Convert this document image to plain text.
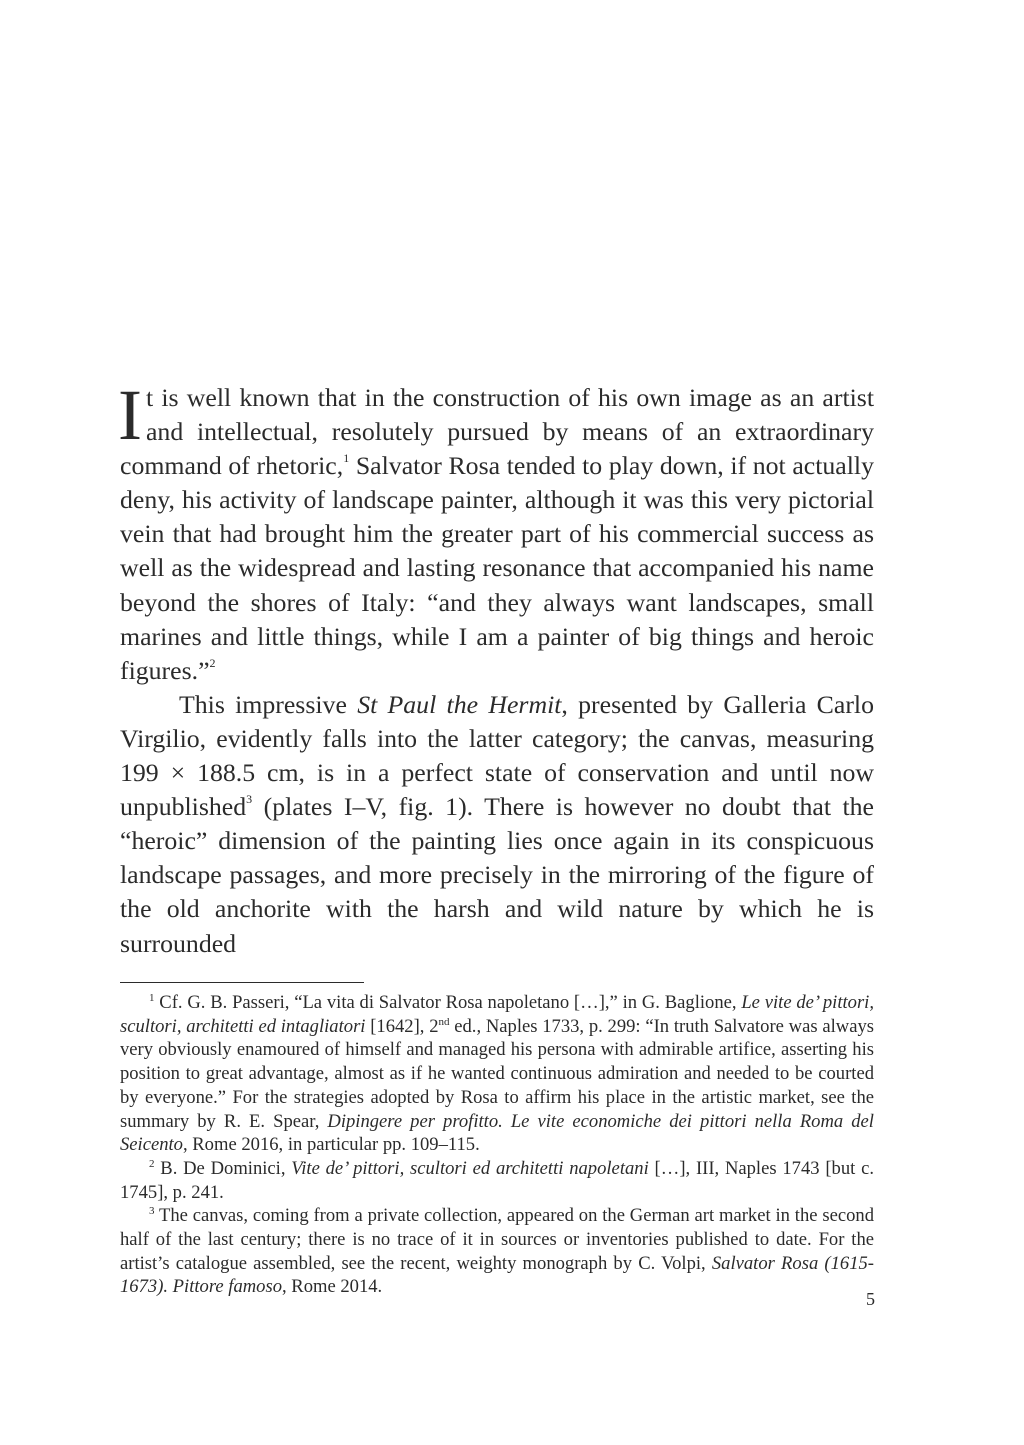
It is well known that in the construction of his own image as an artist and intellectual, resolutely pursued by means of an extraordinary command of rhetoric,$^1$ Salvator Rosa tended to play down, if not actually deny, his activity of landscape painter, although it was this very pictorial vein that had brought him the greater part of his commercial success as well as the widespread and lasting resonance that accompanied his name beyond the shores of Italy: “and they always want landscapes, small marines and little things, while I am a painter of big things and heroic figures.”$^2$

This impressive St Paul the Hermit, presented by Galleria Carlo Virgilio, evidently falls into the latter category; the canvas, measuring 199 × 188.5 cm, is in a perfect state of conservation and until now unpublished$^3$ (plates I–V, fig. 1). There is however no doubt that the “heroic” dimension of the painting lies once again in its conspicuous landscape passages, and more precisely in the mirroring of the figure of the old anchorite with the harsh and wild nature by which he is surrounded

$^1$ Cf. G. B. Passeri, “La vita di Salvator Rosa napoletano […],” in G. Baglione, Le vite de’ pittori, scultori, architetti ed intagliatori [1642], 2nd ed., Naples 1733, p. 299: “In truth Salvatore was always very obviously enamoured of himself and managed his persona with admirable artifice, asserting his position to great advantage, almost as if he wanted continuous admiration and needed to be courted by everyone.” For the strategies adopted by Rosa to affirm his place in the artistic market, see the summary by R. E. Spear, Dipingere per profitto. Le vite economiche dei pittori nella Roma del Seicento, Rome 2016, in particular pp. 109–115.

$^2$ B. De Dominici, Vite de’ pittori, scultori ed architetti napoletani […], III, Naples 1743 [but c. 1745], p. 241.

$^3$ The canvas, coming from a private collection, appeared on the German art market in the second half of the last century; there is no trace of it in sources or inventories published to date. For the artist’s catalogue assembled, see the recent, weighty monograph by C. Volpi, Salvator Rosa (1615-1673). Pittore famoso, Rome 2014.

5
